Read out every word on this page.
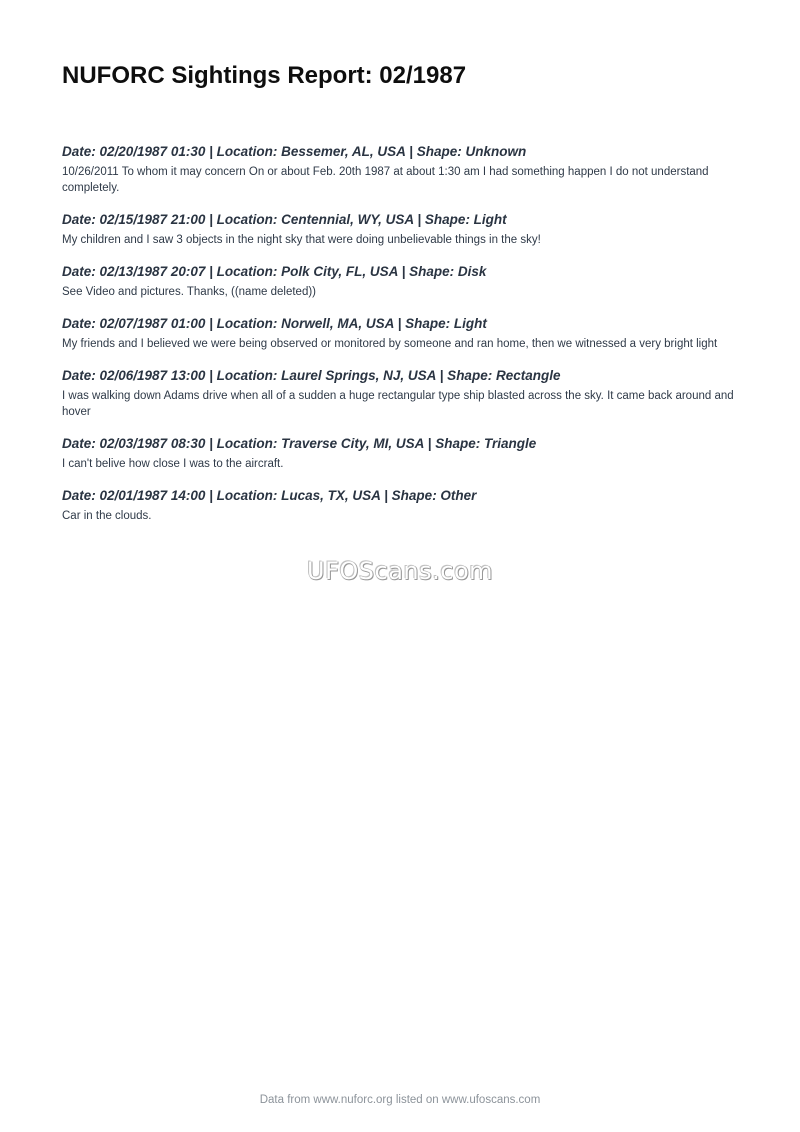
NUFORC Sightings Report: 02/1987

Date: 02/20/1987 01:30 | Location: Bessemer, AL, USA | Shape: Unknown

10/26/2011 To whom it may concern On or about Feb. 20th 1987 at about 1:30 am I had something happen I do not understand completely.

Date: 02/15/1987 21:00 | Location: Centennial, WY, USA | Shape: Light

My children and I saw 3 objects in the night sky that were doing unbelievable things in the sky!

Date: 02/13/1987 20:07 | Location: Polk City, FL, USA | Shape: Disk

See Video and pictures. Thanks, ((name deleted))

Date: 02/07/1987 01:00 | Location: Norwell, MA, USA | Shape: Light

My friends and I believed we were being observed or monitored by someone and ran home, then we witnessed a very bright light

Date: 02/06/1987 13:00 | Location: Laurel Springs, NJ, USA | Shape: Rectangle

I was walking down Adams drive when all of a sudden a huge rectangular type ship blasted across the sky. It came back around and hover

Date: 02/03/1987 08:30 | Location: Traverse City, MI, USA | Shape: Triangle

I can't belive how close I was to the aircraft.

Date: 02/01/1987 14:00 | Location: Lucas, TX, USA | Shape: Other

Car in the clouds.

UFOScans.com
Data from www.nuforc.org listed on www.ufoscans.com
